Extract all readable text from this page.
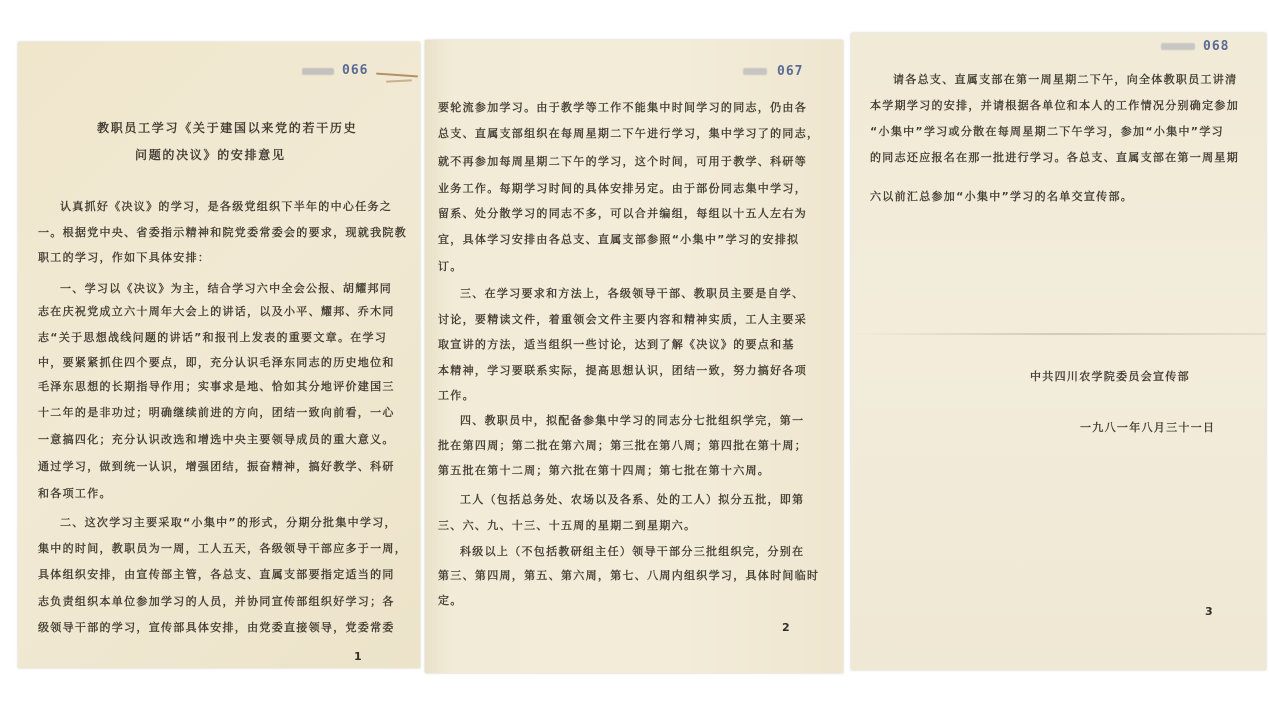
066
教职员工学习《关于建国以来党的若干历史
问题的决议》的安排意见
认真抓好《决议》的学习，是各级党组织下半年的中心任务之
一。根据党中央、省委指示精神和院党委常委会的要求，现就我院教
职工的学习，作如下具体安排：
一、学习以《决议》为主，结合学习六中全会公报、胡耀邦同
志在庆祝党成立六十周年大会上的讲话，以及小平、耀邦、乔木同
志“关于思想战线问题的讲话”和报刊上发表的重要文章。在学习
中，要紧紧抓住四个要点，即，充分认识毛泽东同志的历史地位和
毛泽东思想的长期指导作用；实事求是地、恰如其分地评价建国三
十二年的是非功过；明确继续前进的方向，团结一致向前看，一心
一意搞四化；充分认识改选和增选中央主要领导成员的重大意义。
通过学习，做到统一认识，增强团结，振奋精神，搞好教学、科研
和各项工作。
二、这次学习主要采取“小集中”的形式，分期分批集中学习，
集中的时间，教职员为一周，工人五天，各级领导干部应多于一周，
具体组织安排，由宣传部主管，各总支、直属支部要指定适当的同
志负责组织本单位参加学习的人员，并协同宣传部组织好学习；各
级领导干部的学习，宣传部具体安排，由党委直接领导，党委常委
1
067
要轮流参加学习。由于教学等工作不能集中时间学习的同志，仍由各
总支、直属支部组织在每周星期二下午进行学习，集中学习了的同志，
就不再参加每周星期二下午的学习，这个时间，可用于教学、科研等
业务工作。每期学习时间的具体安排另定。由于部份同志集中学习，
留系、处分散学习的同志不多，可以合并编组，每组以十五人左右为
宜，具体学习安排由各总支、直属支部参照“小集中”学习的安排拟
订。
三、在学习要求和方法上，各级领导干部、教职员主要是自学、
讨论，要精读文件，着重领会文件主要内容和精神实质，工人主要采
取宣讲的方法，适当组织一些讨论，达到了解《决议》的要点和基
本精神，学习要联系实际，提高思想认识，团结一致，努力搞好各项
工作。
四、教职员中，拟配备参集中学习的同志分七批组织学完，第一
批在第四周；第二批在第六周；第三批在第八周；第四批在第十周；
第五批在第十二周；第六批在第十四周；第七批在第十六周。
工人（包括总务处、农场以及各系、处的工人）拟分五批，即第
三、六、九、十三、十五周的星期二到星期六。
科级以上（不包括教研组主任）领导干部分三批组织完，分别在
第三、第四周，第五、第六周，第七、八周内组织学习，具体时间临时
定。
2
068
请各总支、直属支部在第一周星期二下午，向全体教职员工讲清
本学期学习的安排，并请根据各单位和本人的工作情况分别确定参加
“小集中”学习或分散在每周星期二下午学习，参加“小集中”学习
的同志还应报名在那一批进行学习。各总支、直属支部在第一周星期
六以前汇总参加“小集中”学习的名单交宣传部。
中共四川农学院委员会宣传部
一九八一年八月三十一日
3
